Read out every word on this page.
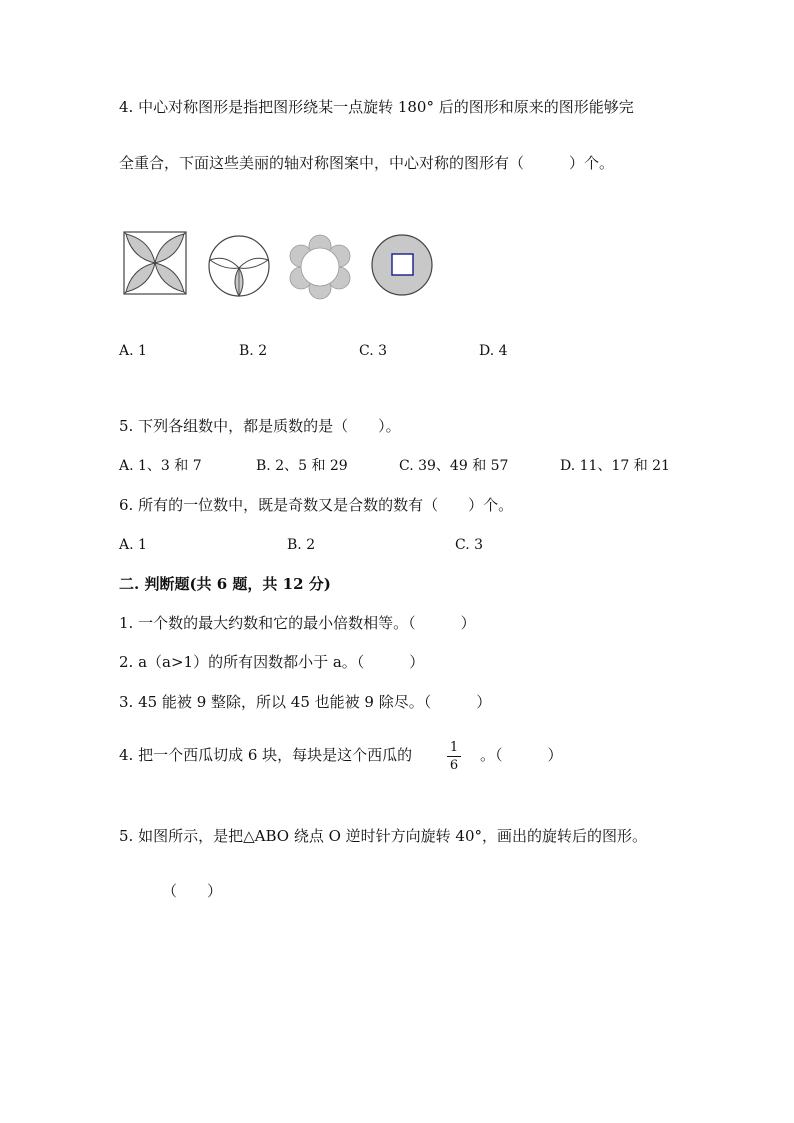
4. 中心对称图形是指把图形绕某一点旋转 180° 后的图形和原来的图形能够完
全重合，下面这些美丽的轴对称图案中，中心对称的图形有（　　　）个。
A. 1	B. 2	C. 3	D. 4
5. 下列各组数中，都是质数的是（　　）。
A. 1、3 和 7	B. 2、5 和 29	C. 39、49 和 57	D. 11、17 和 21
6. 所有的一位数中，既是奇数又是合数的数有（　　）个。
A. 1	B. 2	C. 3
二. 判断题(共 6 题，共 12 分)
1. 一个数的最大约数和它的最小倍数相等。（　　　）
2. a（a>1）的所有因数都小于 a。（　　　）
3. 45 能被 9 整除，所以 45 也能被 9 除尽。（　　　）
4. 把一个西瓜切成 6 块，每块是这个西瓜的	1
6
。（　　　）
5. 如图所示，是把△ABO 绕点 O 逆时针方向旋转 40°，画出的旋转后的图形。
（　　）
